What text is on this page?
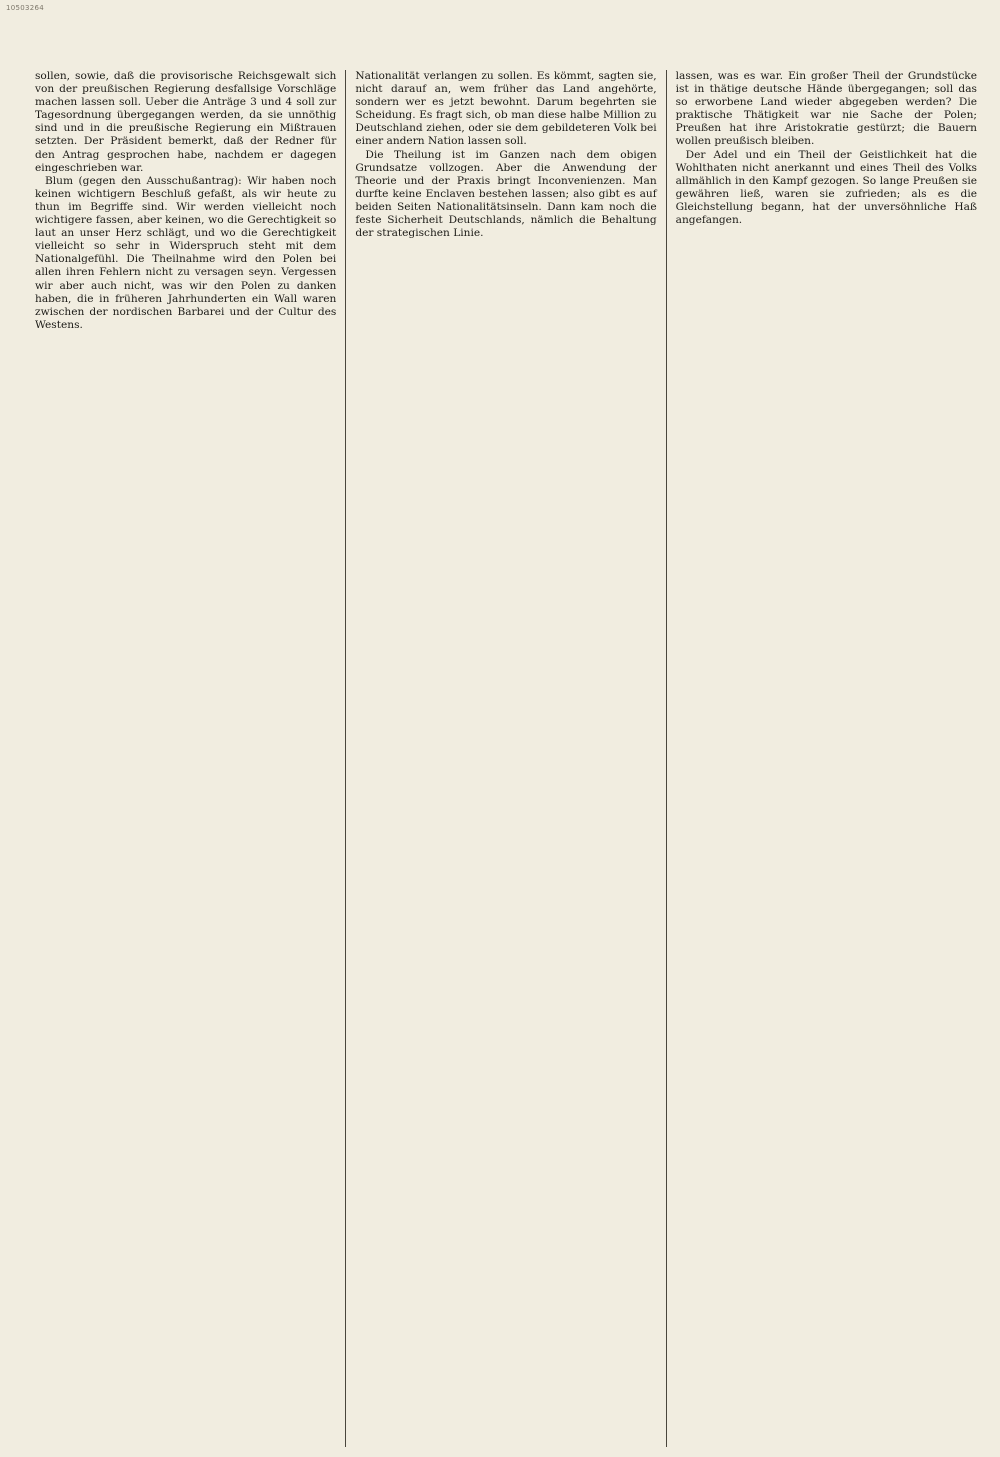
10503264

sollen, sowie, daß die provisorische Reichsgewalt sich von der preußischen Regierung desfallsige Vorschläge machen lassen soll. Ueber die Anträge 3 und 4 soll zur Tagesordnung übergegangen werden, da sie unnöthig sind und in die preußische Regierung ein Mißtrauen setzten. Der Präsident bemerkt, daß der Redner für den Antrag gesprochen habe, nachdem er dagegen eingeschrieben war.

Blum (gegen den Ausschußantrag): Wir haben noch keinen wichtigern Beschluß gefaßt, als wir heute zu thun im Begriffe sind. Wir werden vielleicht noch wichtigere fassen, aber keinen, wo die Gerechtigkeit so laut an unser Herz schlägt, und wo die Gerechtigkeit vielleicht so sehr in Widerspruch steht mit dem Nationalgefühl. Die Theilnahme wird den Polen bei allen ihren Fehlern nicht zu versagen seyn. Vergessen wir aber auch nicht, was wir den Polen zu danken haben, die in früheren Jahrhunderten ein Wall waren zwischen der nordischen Barbarei und der Cultur des Westens.

Nationalität verlangen zu sollen. Es kömmt, sagten sie, nicht darauf an, wem früher das Land angehörte, sondern wer es jetzt bewohnt. Darum begehrten sie Scheidung. Es fragt sich, ob man diese halbe Million zu Deutschland ziehen, oder sie dem gebildeteren Volk bei einer andern Nation lassen soll.

Die Theilung ist im Ganzen nach dem obigen Grundsatze vollzogen. Aber die Anwendung der Theorie und der Praxis bringt Inconvenienzen. Man durfte keine Enclaven bestehen lassen; also gibt es auf beiden Seiten Nationalitätsinseln. Dann kam noch die feste Sicherheit Deutschlands, nämlich die Behaltung der strategischen Linie.

lassen, was es war. Ein großer Theil der Grundstücke ist in thätige deutsche Hände übergegangen; soll das so erworbene Land wieder abgegeben werden? Die praktische Thätigkeit war nie Sache der Polen; Preußen hat ihre Aristokratie gestürzt; die Bauern wollen preußisch bleiben.

Der Adel und ein Theil der Geistlichkeit hat die Wohlthaten nicht anerkannt und eines Theil des Volks allmählich in den Kampf gezogen. So lange Preußen sie gewähren ließ, waren sie zufrieden; als es die Gleichstellung begann, hat der unversöhnliche Haß angefangen.
